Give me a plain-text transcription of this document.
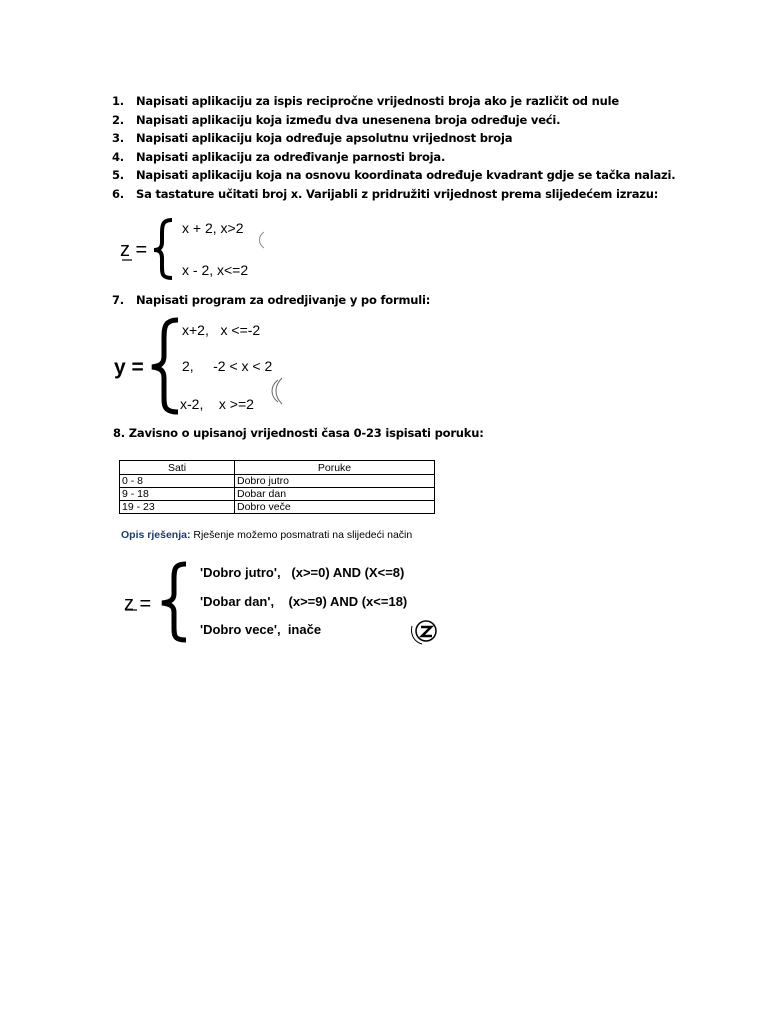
1. Napisati aplikaciju za ispis recipročne vrijednosti broja ako je različit od nule
2. Napisati aplikaciju koja između dva unesenena broja određuje veći.
3. Napisati aplikaciju koja određuje apsolutnu vrijednost broja
4. Napisati aplikaciju za određivanje parnosti broja.
5. Napisati aplikaciju koja na osnovu koordinata određuje kvadrant gdje se tačka nalazi.
6. Sa tastature učitati broj x. Varijabli z pridružiti vrijednost prema slijedećem izrazu:
z =
x + 2, x>2
x - 2, x<=2
7. Napisati program za odredjivanje y po formuli:
y =
x+2,   x <=-2
2,     -2 < x < 2
x-2,    x >=2
8. Zavisno o upisanoj vrijednosti časa 0-23 ispisati poruku:
Sati	Poruke
0 - 8	Dobro jutro
9 - 18	Dobar dan
19 - 23	Dobro veče
Opis rješenja: Rješenje možemo posmatrati na slijedeći način
z =
'Dobro jutro',   (x>=0) AND (X<=8)
'Dobar dan',    (x>=9) AND (x<=18)
'Dobro vece',  inače
